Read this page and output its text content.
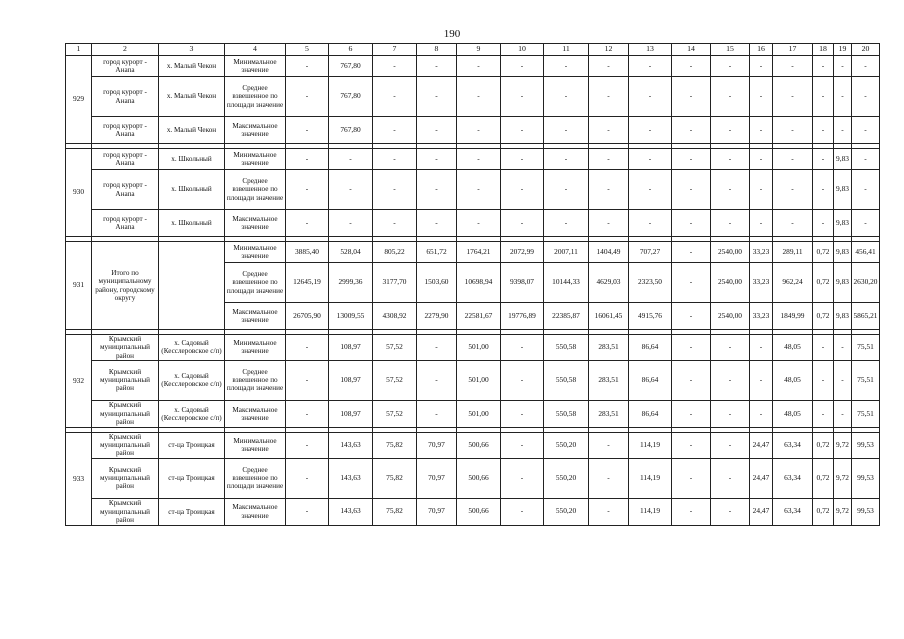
190
1	2	3	4	5	6	7	8	9	10	11	12	13	14	15	16	17	18	19	20
929	город курорт - Анапа	х. Малый Чекон	Минимальное значение	-	767,80	-	-	-	-	-	-	-	-	-	-	-	-	-	-
	город курорт - Анапа	х. Малый Чекон	Среднее взвешенное по площади значение	-	767,80	-	-	-	-	-	-	-	-	-	-	-	-	-	-
	город курорт - Анапа	х. Малый Чекон	Максимальное значение	-	767,80	-	-	-	-	-	-	-	-	-	-	-	-	-	-

930	город курорт - Анапа	х. Школьный	Минимальное значение	-	-	-	-	-	-	-	-	-	-	-	-	-	-	9,83	-
	город курорт - Анапа	х. Школьный	Среднее взвешенное по площади значение	-	-	-	-	-	-	-	-	-	-	-	-	-	-	9,83	-
	город курорт - Анапа	х. Школьный	Максимальное значение	-	-	-	-	-	-	-	-	-	-	-	-	-	-	9,83	-

931	Итого по муниципальному району, городскому округу		Минимальное значение	3885,40	528,04	805,22	651,72	1764,21	2072,99	2007,11	1404,49	707,27	-	2540,00	33,23	289,11	0,72	9,83	456,41
			Среднее взвешенное по площади значение	12645,19	2999,36	3177,70	1503,60	10698,94	9398,07	10144,33	4629,03	2323,50	-	2540,00	33,23	962,24	0,72	9,83	2630,20
			Максимальное значение	26705,90	13009,55	4308,92	2279,90	22581,67	19776,89	22385,87	16061,45	4915,76	-	2540,00	33,23	1849,99	0,72	9,83	5865,21

932	Крымский муниципальный район	х. Садовый (Кесслеровское с/п)	Минимальное значение	-	108,97	57,52	-	501,00	-	550,58	283,51	86,64	-	-	-	48,05	-	-	75,51
	Крымский муниципальный район	х. Садовый (Кесслеровское с/п)	Среднее взвешенное по площади значение	-	108,97	57,52	-	501,00	-	550,58	283,51	86,64	-	-	-	48,05	-	-	75,51
	Крымский муниципальный район	х. Садовый (Кесслеровское с/п)	Максимальное значение	-	108,97	57,52	-	501,00	-	550,58	283,51	86,64	-	-	-	48,05	-	-	75,51

933	Крымский муниципальный район	ст-ца Троицкая	Минимальное значение	-	143,63	75,82	70,97	500,66	-	550,20	-	114,19	-	-	24,47	63,34	0,72	9,72	99,53
	Крымский муниципальный район	ст-ца Троицкая	Среднее взвешенное по площади значение	-	143,63	75,82	70,97	500,66	-	550,20	-	114,19	-	-	24,47	63,34	0,72	9,72	99,53
	Крымский муниципальный район	ст-ца Троицкая	Максимальное значение	-	143,63	75,82	70,97	500,66	-	550,20	-	114,19	-	-	24,47	63,34	0,72	9,72	99,53
